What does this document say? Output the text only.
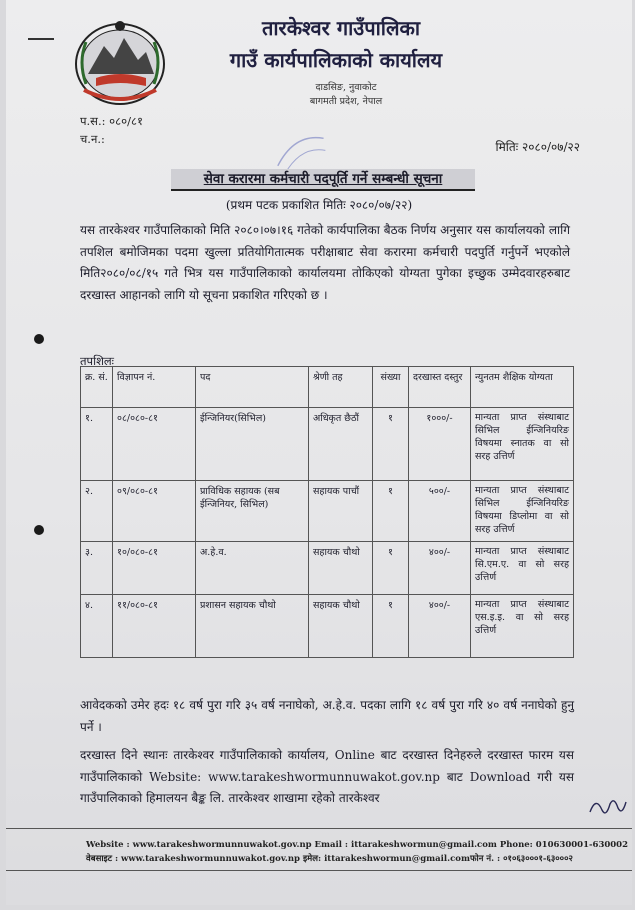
तारकेश्वर गाउँपालिका
गाउँ कार्यपालिकाको कार्यालय
दाडसिङ, नुवाकोट
बागमती प्रदेश, नेपाल
प.स.: ०८०/८१
च.न.:
मितिः २०८०/०७/२२
सेवा करारमा कर्मचारी पदपूर्ति गर्ने सम्बन्धी सूचना
(प्रथम पटक प्रकाशित मितिः २०८०/०७/२२)
यस तारकेश्वर गाउँपालिकाको मिति २०८०।०७।१६ गतेको कार्यपालिका बैठक निर्णय अनुसार यस कार्यालयको लागि तपशिल बमोजिमका पदमा खुल्ला प्रतियोगितात्मक परीक्षाबाट सेवा करारमा कर्मचारी पदपुर्ति गर्नुपर्ने भएकोले मिति२०८०/०८/१५ गते भित्र यस गाउँपालिकाको कार्यालयमा तोकिएको योग्यता पुगेका इच्छुक उम्मेदवारहरुबाट दरखास्त आहानको लागि यो सूचना प्रकाशित गरिएको छ ।
तपशिलः
क्र. सं.	विज्ञापन नं.	पद	श्रेणी तह	संख्या	दरखास्त दस्तुर	न्युनतम शैक्षिक योग्यता
१.	०८/०८०-८१	ईन्जिनियर(सिभिल)	अधिकृत छैठौं	१	१०००/-	मान्यता प्राप्त संस्थाबाट सिभिल ईन्जिनियरिङ विषयमा स्नातक वा सो सरह उत्तिर्ण
२.	०९/०८०-८१	प्राविधिक सहायक (सब ईन्जिनियर, सिभिल)	सहायक पाचौं	१	५००/-	मान्यता प्राप्त संस्थाबाट सिभिल ईन्जिनियरिङ विषयमा डिप्लोमा वा सो सरह उत्तिर्ण
३.	१०/०८०-८१	अ.हे.व.	सहायक चौथो	१	४००/-	मान्यता प्राप्त संस्थाबाट सि.एम.ए. वा सो सरह उत्तिर्ण
४.	११/०८०-८१	प्रशासन सहायक चौथो	सहायक चौथो	१	४००/-	मान्यता प्राप्त संस्थाबाट एस.इ.इ. वा सो सरह उत्तिर्ण
आवेदकको उमेर हदः १८ वर्ष पुरा गरि ३५ वर्ष ननाघेको, अ.हे.व. पदका लागि १८ वर्ष पुरा गरि ४० वर्ष ननाघेको हुनु पर्ने ।
दरखास्त दिने स्थानः तारकेश्वर गाउँपालिकाको कार्यालय, Online बाट दरखास्त दिनेहरुले दरखास्त फारम यस गाउँपालिकाको Website: www.tarakeshwormunnuwakot.gov.np बाट Download गरी यस गाउँपालिकाको हिमालयन बैङ्क लि. तारकेश्वर शाखामा रहेको तारकेश्वर
Website : www.tarakeshwormunnuwakot.gov.np Email : ittarakeshwormun@gmail.com Phone: 010630001-630002
वेबसाइट : www.tarakeshwormunnuwakot.gov.np इमेल: ittarakeshwormun@gmail.comफोन नं. : ०१०६३०००१-६३०००२
